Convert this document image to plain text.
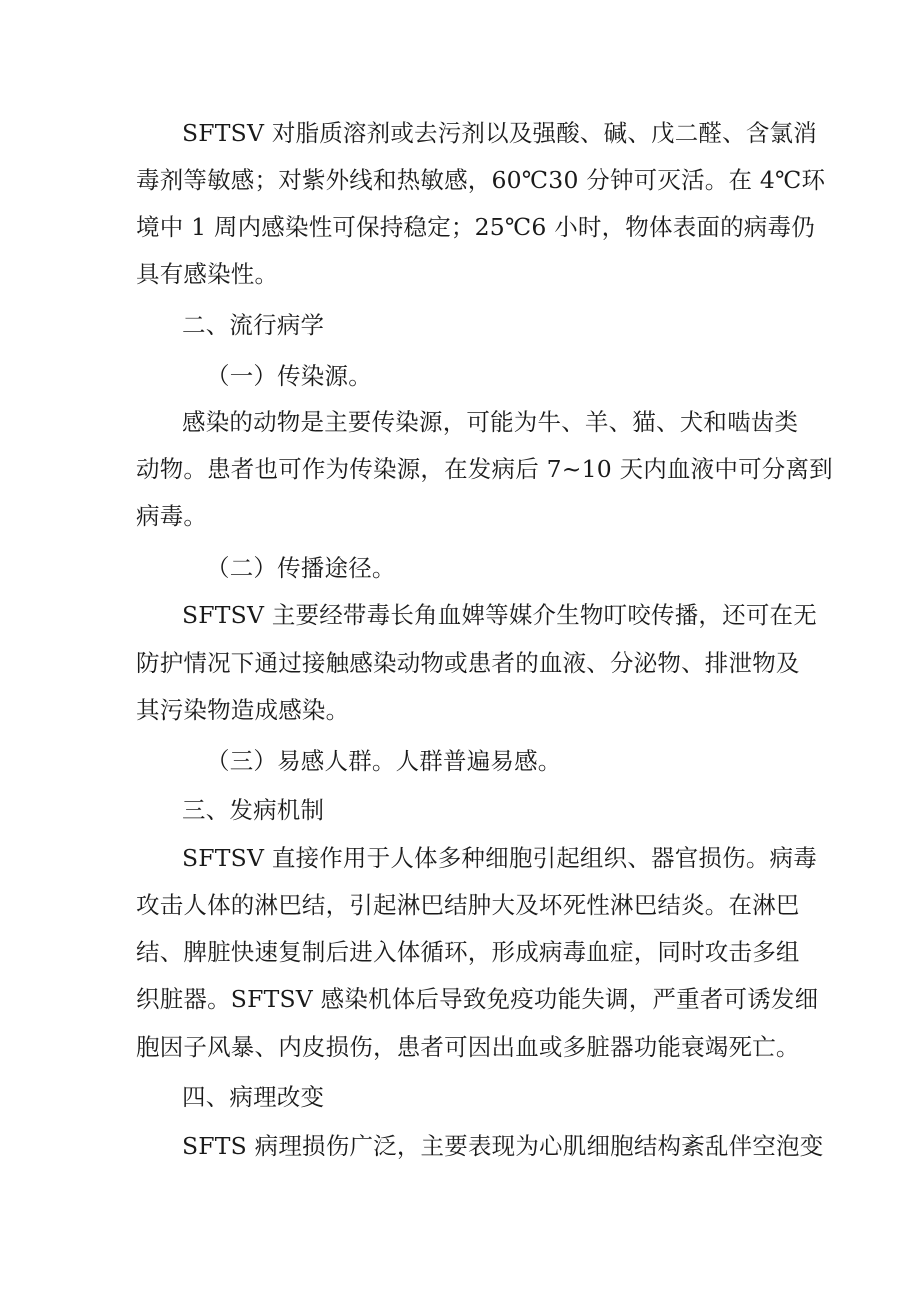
SFTSV 对脂质溶剂或去污剂以及强酸、碱、戊二醛、含氯消
毒剂等敏感；对紫外线和热敏感，60℃30 分钟可灭活。在 4℃环
境中 1 周内感染性可保持稳定；25℃6 小时，物体表面的病毒仍
具有感染性。
二、流行病学
（一）传染源。
感染的动物是主要传染源，可能为牛、羊、猫、犬和啮齿类
动物。患者也可作为传染源，在发病后 7~10 天内血液中可分离到
病毒。
（二）传播途径。
SFTSV 主要经带毒长角血婢等媒介生物叮咬传播，还可在无
防护情况下通过接触感染动物或患者的血液、分泌物、排泄物及
其污染物造成感染。
（三）易感人群。人群普遍易感。
三、发病机制
SFTSV 直接作用于人体多种细胞引起组织、器官损伤。病毒
攻击人体的淋巴结，引起淋巴结肿大及坏死性淋巴结炎。在淋巴
结、脾脏快速复制后进入体循环，形成病毒血症，同时攻击多组
织脏器。SFTSV 感染机体后导致免疫功能失调，严重者可诱发细
胞因子风暴、内皮损伤，患者可因出血或多脏器功能衰竭死亡。
四、病理改变
SFTS 病理损伤广泛，主要表现为心肌细胞结构紊乱伴空泡变
